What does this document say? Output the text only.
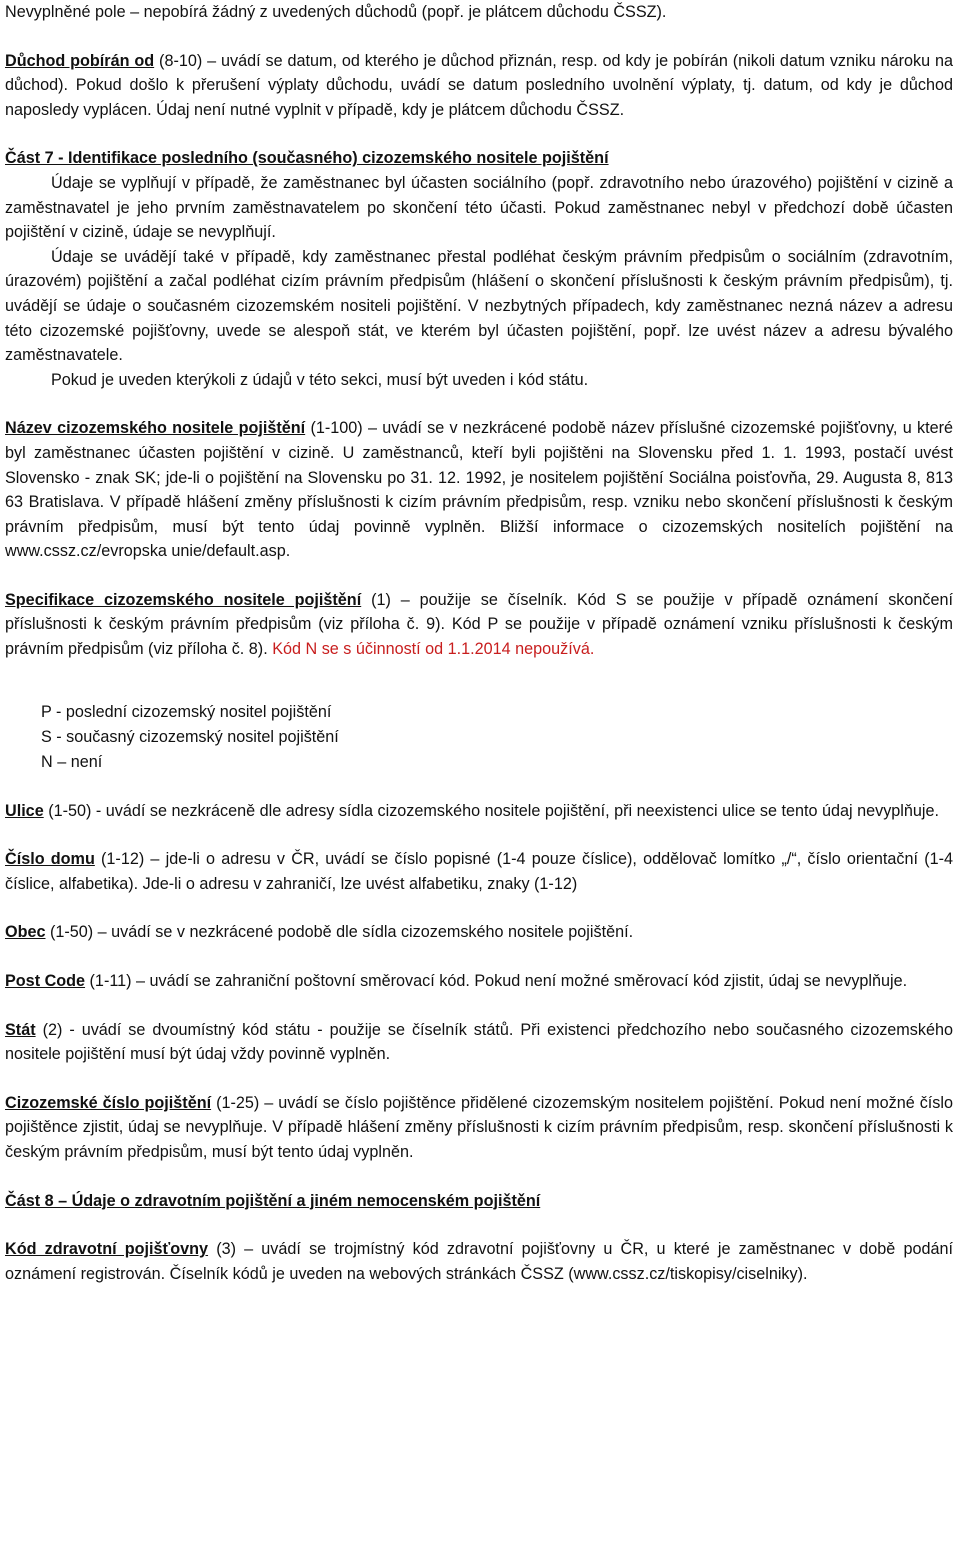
Nevyplněné pole – nepobírá žádný z uvedených důchodů (popř. je plátcem důchodu ČSSZ).

Důchod pobírán od (8-10) – uvádí se datum, od kterého je důchod přiznán, resp. od kdy je pobírán (nikoli datum vzniku nároku na důchod). Pokud došlo k přerušení výplaty důchodu, uvádí se datum posledního uvolnění výplaty, tj. datum, od kdy je důchod naposledy vyplácen. Údaj není nutné vyplnit v případě, kdy je plátcem důchodu ČSSZ.

Část 7 - Identifikace posledního (současného) cizozemského nositele pojištění

Údaje se vyplňují v případě, že zaměstnanec byl účasten sociálního (popř. zdravotního nebo úrazového) pojištění v cizině a zaměstnavatel je jeho prvním zaměstnavatelem po skončení této účasti. Pokud zaměstnanec nebyl v předchozí době účasten pojištění v cizině, údaje se nevyplňují.

Údaje se uvádějí také v případě, kdy zaměstnanec přestal podléhat českým právním předpisům o sociálním (zdravotním, úrazovém) pojištění a začal podléhat cizím právním předpisům (hlášení o skončení příslušnosti k českým právním předpisům), tj. uvádějí se údaje o současném cizozemském nositeli pojištění. V nezbytných případech, kdy zaměstnanec nezná název a adresu této cizozemské pojišťovny, uvede se alespoň stát, ve kterém byl účasten pojištění, popř. lze uvést název a adresu bývalého zaměstnavatele.

Pokud je uveden kterýkoli z údajů v této sekci, musí být uveden i kód státu.

Název cizozemského nositele pojištění (1-100) – uvádí se v nezkrácené podobě název příslušné cizozemské pojišťovny, u které byl zaměstnanec účasten pojištění v cizině. U zaměstnanců, kteří byli pojištěni na Slovensku před 1. 1. 1993, postačí uvést Slovensko - znak SK; jde-li o pojištění na Slovensku po 31. 12. 1992, je nositelem pojištění Sociálna poisťovňa, 29. Augusta 8, 813 63 Bratislava. V případě hlášení změny příslušnosti k cizím právním předpisům, resp. vzniku nebo skončení příslušnosti k českým právním předpisům, musí být tento údaj povinně vyplněn. Bližší informace o cizozemských nositelích pojištění na www.cssz.cz/evropska unie/default.asp.

Specifikace cizozemského nositele pojištění (1) – použije se číselník. Kód S se použije v případě oznámení skončení příslušnosti k českým právním předpisům (viz příloha č. 9). Kód P se použije v případě oznámení vzniku příslušnosti k českým právním předpisům (viz příloha č. 8). Kód N se s účinností od 1.1.2014 nepoužívá.

P - poslední cizozemský nositel pojištění
S - současný cizozemský nositel pojištění
N – není

Ulice (1-50) - uvádí se nezkráceně dle adresy sídla cizozemského nositele pojištění, při neexistenci ulice se tento údaj nevyplňuje.

Číslo domu (1-12) – jde-li o adresu v ČR, uvádí se číslo popisné (1-4 pouze číslice), oddělovač lomítko „/“, číslo orientační (1-4 číslice, alfabetika). Jde-li o adresu v zahraničí, lze uvést alfabetiku, znaky (1-12)

Obec (1-50) – uvádí se v nezkrácené podobě dle sídla cizozemského nositele pojištění.

Post Code (1-11) – uvádí se zahraniční poštovní směrovací kód. Pokud není možné směrovací kód zjistit, údaj se nevyplňuje.

Stát (2) - uvádí se dvoumístný kód státu - použije se číselník států. Při existenci předchozího nebo současného cizozemského nositele pojištění musí být údaj vždy povinně vyplněn.

Cizozemské číslo pojištění (1-25) – uvádí se číslo pojištěnce přidělené cizozemským nositelem pojištění. Pokud není možné číslo pojištěnce zjistit, údaj se nevyplňuje. V případě hlášení změny příslušnosti k cizím právním předpisům, resp. skončení příslušnosti k českým právním předpisům, musí být tento údaj vyplněn.

Část 8 – Údaje o zdravotním pojištění a jiném nemocenském pojištění

Kód zdravotní pojišťovny (3) – uvádí se trojmístný kód zdravotní pojišťovny u ČR, u které je zaměstnanec v době podání oznámení registrován. Číselník kódů je uveden na webových stránkách ČSSZ (www.cssz.cz/tiskopisy/ciselniky).
